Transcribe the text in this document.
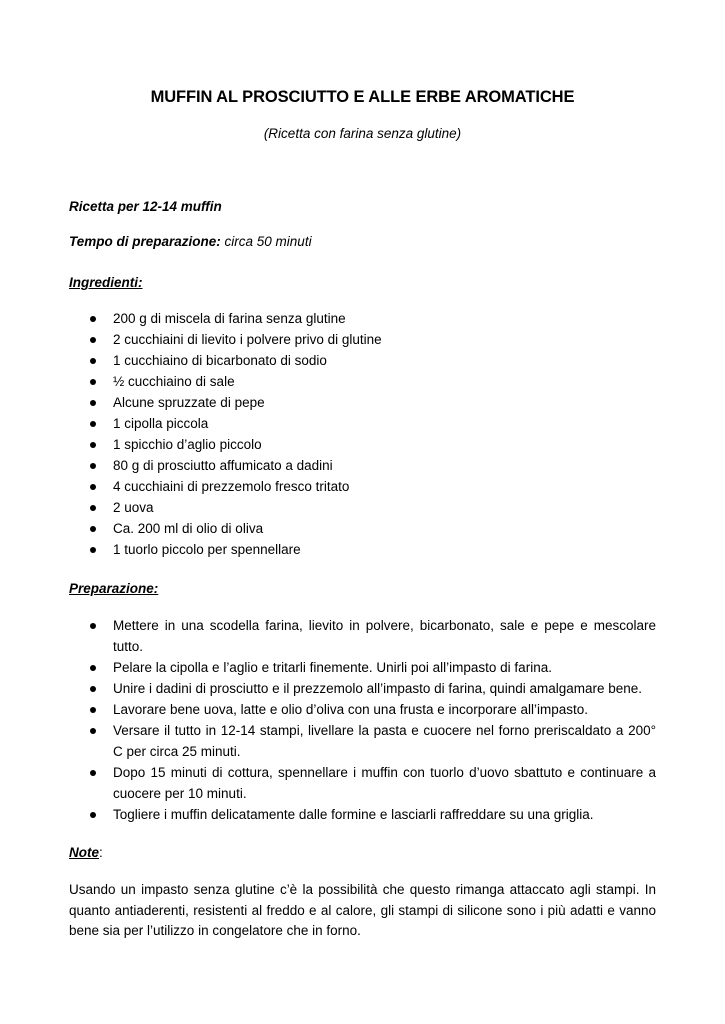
MUFFIN AL PROSCIUTTO E ALLE ERBE AROMATICHE
(Ricetta con farina senza glutine)
Ricetta per 12-14 muffin
Tempo di preparazione: circa 50 minuti
Ingredienti:
200 g di miscela di farina senza glutine
2 cucchiaini di lievito i polvere privo di glutine
1 cucchiaino di bicarbonato di sodio
½ cucchiaino di sale
Alcune spruzzate di pepe
1 cipolla piccola
1 spicchio d’aglio piccolo
80 g di prosciutto affumicato a dadini
4 cucchiaini di prezzemolo fresco tritato
2 uova
Ca. 200 ml di olio di oliva
1 tuorlo piccolo per spennellare
Preparazione:
Mettere in una scodella farina, lievito in polvere, bicarbonato, sale e pepe e mescolare tutto.
Pelare la cipolla e l’aglio e tritarli finemente. Unirli poi all’impasto di farina.
Unire i dadini di prosciutto e il prezzemolo all’impasto di farina, quindi amalgamare bene.
Lavorare bene uova, latte e olio d’oliva con una frusta e incorporare all’impasto.
Versare il tutto in 12-14 stampi, livellare la pasta e cuocere nel forno preriscaldato a 200° C per circa 25 minuti.
Dopo 15 minuti di cottura, spennellare i muffin con tuorlo d’uovo sbattuto e continuare a cuocere per 10 minuti.
Togliere i muffin delicatamente dalle formine e lasciarli raffreddare su una griglia.
Note:
Usando un impasto senza glutine c’è la possibilità che questo rimanga attaccato agli stampi. In quanto antiaderenti, resistenti al freddo e al calore, gli stampi di silicone sono i più adatti e vanno bene sia per l’utilizzo in congelatore che in forno.
